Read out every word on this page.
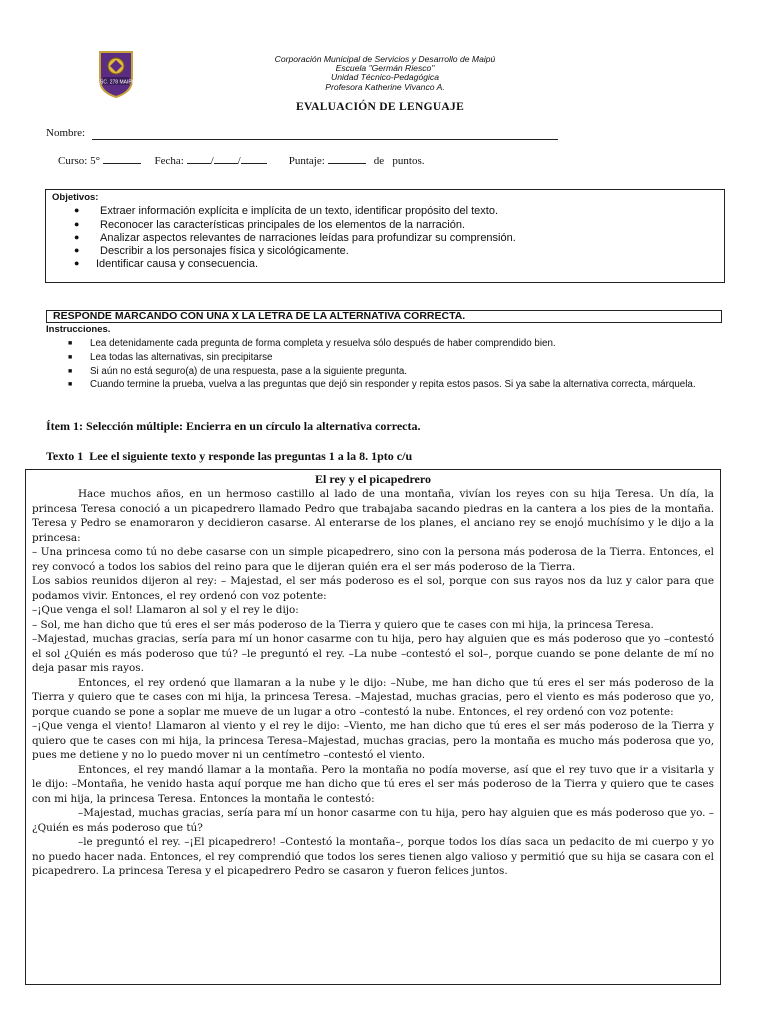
ESC. 278 MAIPÚ
Corporación Municipal de Servicios y Desarrollo de Maipú
Escuela "Germán Riesco"
Unidad Técnico-Pedagógica
Profesora Katherine Vivanco A.
EVALUACIÓN DE LENGUAJE
Nombre:
Curso: 5°	Fecha: / /	Puntaje:	de puntos.
Objetivos:
● Extraer información explícita e implícita de un texto, identificar propósito del texto.
● Reconocer las características principales de los elementos de la narración.
● Analizar aspectos relevantes de narraciones leídas para profundizar su comprensión.
● Describir a los personajes física y sicológicamente.
● Identificar causa y consecuencia.
RESPONDE MARCANDO CON UNA X LA LETRA DE LA ALTERNATIVA CORRECTA.
Instrucciones.
■ Lea detenidamente cada pregunta de forma completa y resuelva sólo después de haber comprendido bien.
■ Lea todas las alternativas, sin precipitarse
■ Si aún no está seguro(a) de una respuesta, pase a la siguiente pregunta.
■ Cuando termine la prueba, vuelva a las preguntas que dejó sin responder y repita estos pasos. Si ya sabe la alternativa correcta, márquela.
Ítem 1: Selección múltiple: Encierra en un círculo la alternativa correcta.
Texto 1  Lee el siguiente texto y responde las preguntas 1 a la 8. 1pto c/u
El rey y el picapedrero

Hace muchos años, en un hermoso castillo al lado de una montaña, vivían los reyes con su hija Teresa. Un día, la princesa Teresa conoció a un picapedrero llamado Pedro que trabajaba sacando piedras en la cantera a los pies de la montaña. Teresa y Pedro se enamoraron y decidieron casarse. Al enterarse de los planes, el anciano rey se enojó muchísimo y le dijo a la princesa:

– Una princesa como tú no debe casarse con un simple picapedrero, sino con la persona más poderosa de la Tierra. Entonces, el rey convocó a todos los sabios del reino para que le dijeran quién era el ser más poderoso de la Tierra.

Los sabios reunidos dijeron al rey: – Majestad, el ser más poderoso es el sol, porque con sus rayos nos da luz y calor para que podamos vivir. Entonces, el rey ordenó con voz potente:

–¡Que venga el sol! Llamaron al sol y el rey le dijo:

– Sol, me han dicho que tú eres el ser más poderoso de la Tierra y quiero que te cases con mi hija, la princesa Teresa.

–Majestad, muchas gracias, sería para mí un honor casarme con tu hija, pero hay alguien que es más poderoso que yo –contestó el sol ¿Quién es más poderoso que tú? –le preguntó el rey. –La nube –contestó el sol–, porque cuando se pone delante de mí no deja pasar mis rayos.

Entonces, el rey ordenó que llamaran a la nube y le dijo: –Nube, me han dicho que tú eres el ser más poderoso de la Tierra y quiero que te cases con mi hija, la princesa Teresa. –Majestad, muchas gracias, pero el viento es más poderoso que yo, porque cuando se pone a soplar me mueve de un lugar a otro –contestó la nube. Entonces, el rey ordenó con voz potente:

–¡Que venga el viento! Llamaron al viento y el rey le dijo: –Viento, me han dicho que tú eres el ser más poderoso de la Tierra y quiero que te cases con mi hija, la princesa Teresa–Majestad, muchas gracias, pero la montaña es mucho más poderosa que yo, pues me detiene y no lo puedo mover ni un centímetro –contestó el viento.

Entonces, el rey mandó llamar a la montaña. Pero la montaña no podía moverse, así que el rey tuvo que ir a visitarla y le dijo: –Montaña, he venido hasta aquí porque me han dicho que tú eres el ser más poderoso de la Tierra y quiero que te cases con mi hija, la princesa Teresa. Entonces la montaña le contestó:

–Majestad, muchas gracias, sería para mí un honor casarme con tu hija, pero hay alguien que es más poderoso que yo. –¿Quién es más poderoso que tú?

–le preguntó el rey. –¡El picapedrero! –Contestó la montaña–, porque todos los días saca un pedacito de mi cuerpo y yo no puedo hacer nada. Entonces, el rey comprendió que todos los seres tienen algo valioso y permitió que su hija se casara con el picapedrero. La princesa Teresa y el picapedrero Pedro se casaron y fueron felices juntos.
